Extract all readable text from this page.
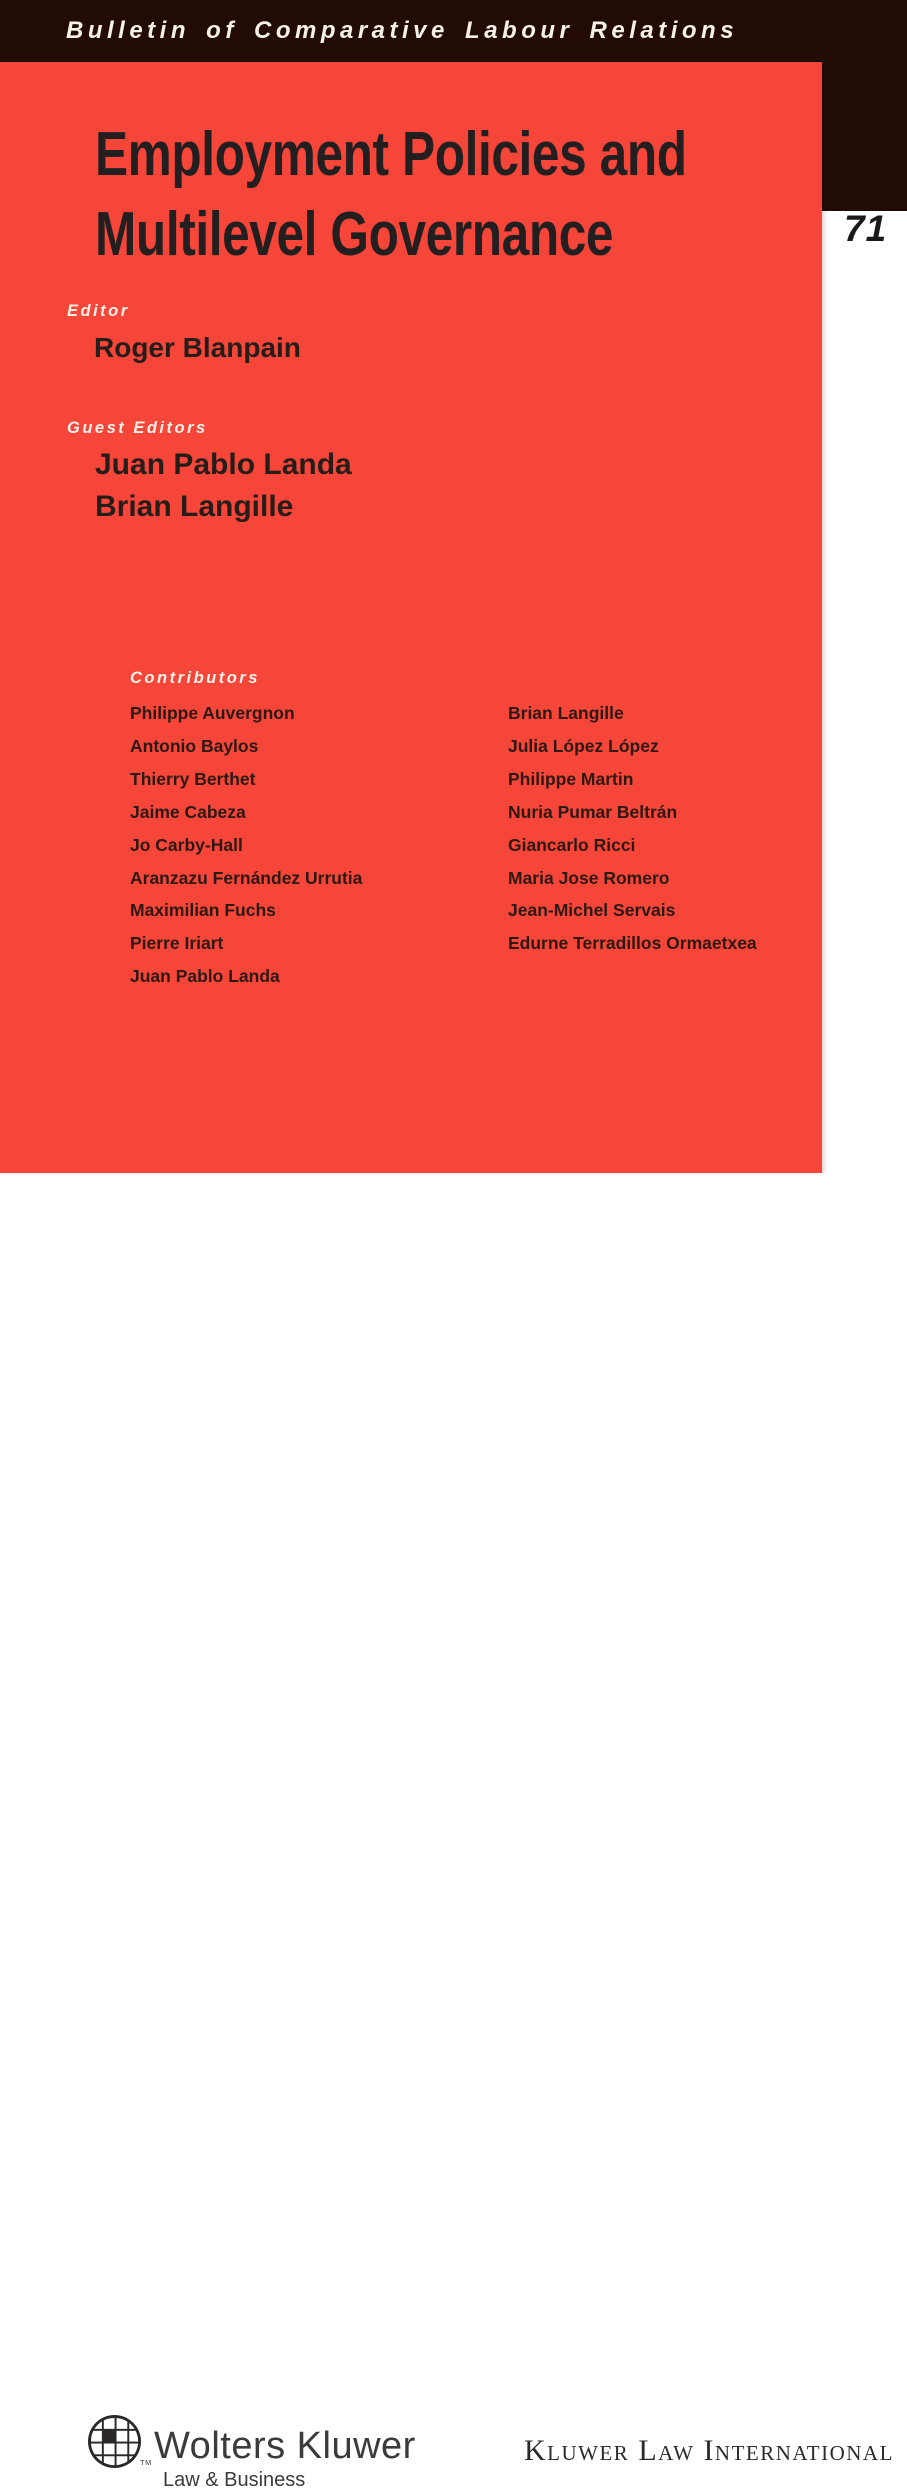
Bulletin of Comparative Labour Relations
71
Employment Policies and
Multilevel Governance
Editor
Roger Blanpain
Guest Editors
Juan Pablo Landa
Brian Langille
Contributors
Philippe Auvergnon
Antonio Baylos
Thierry Berthet
Jaime Cabeza
Jo Carby-Hall
Aranzazu Fernández Urrutia
Maximilian Fuchs
Pierre Iriart
Juan Pablo Landa
Brian Langille
Julia López López
Philippe Martin
Nuria Pumar Beltrán
Giancarlo Ricci
Maria Jose Romero
Jean-Michel Servais
Edurne Terradillos Ormaetxea
TM Wolters Kluwer
Law & Business
Kluwer Law International
